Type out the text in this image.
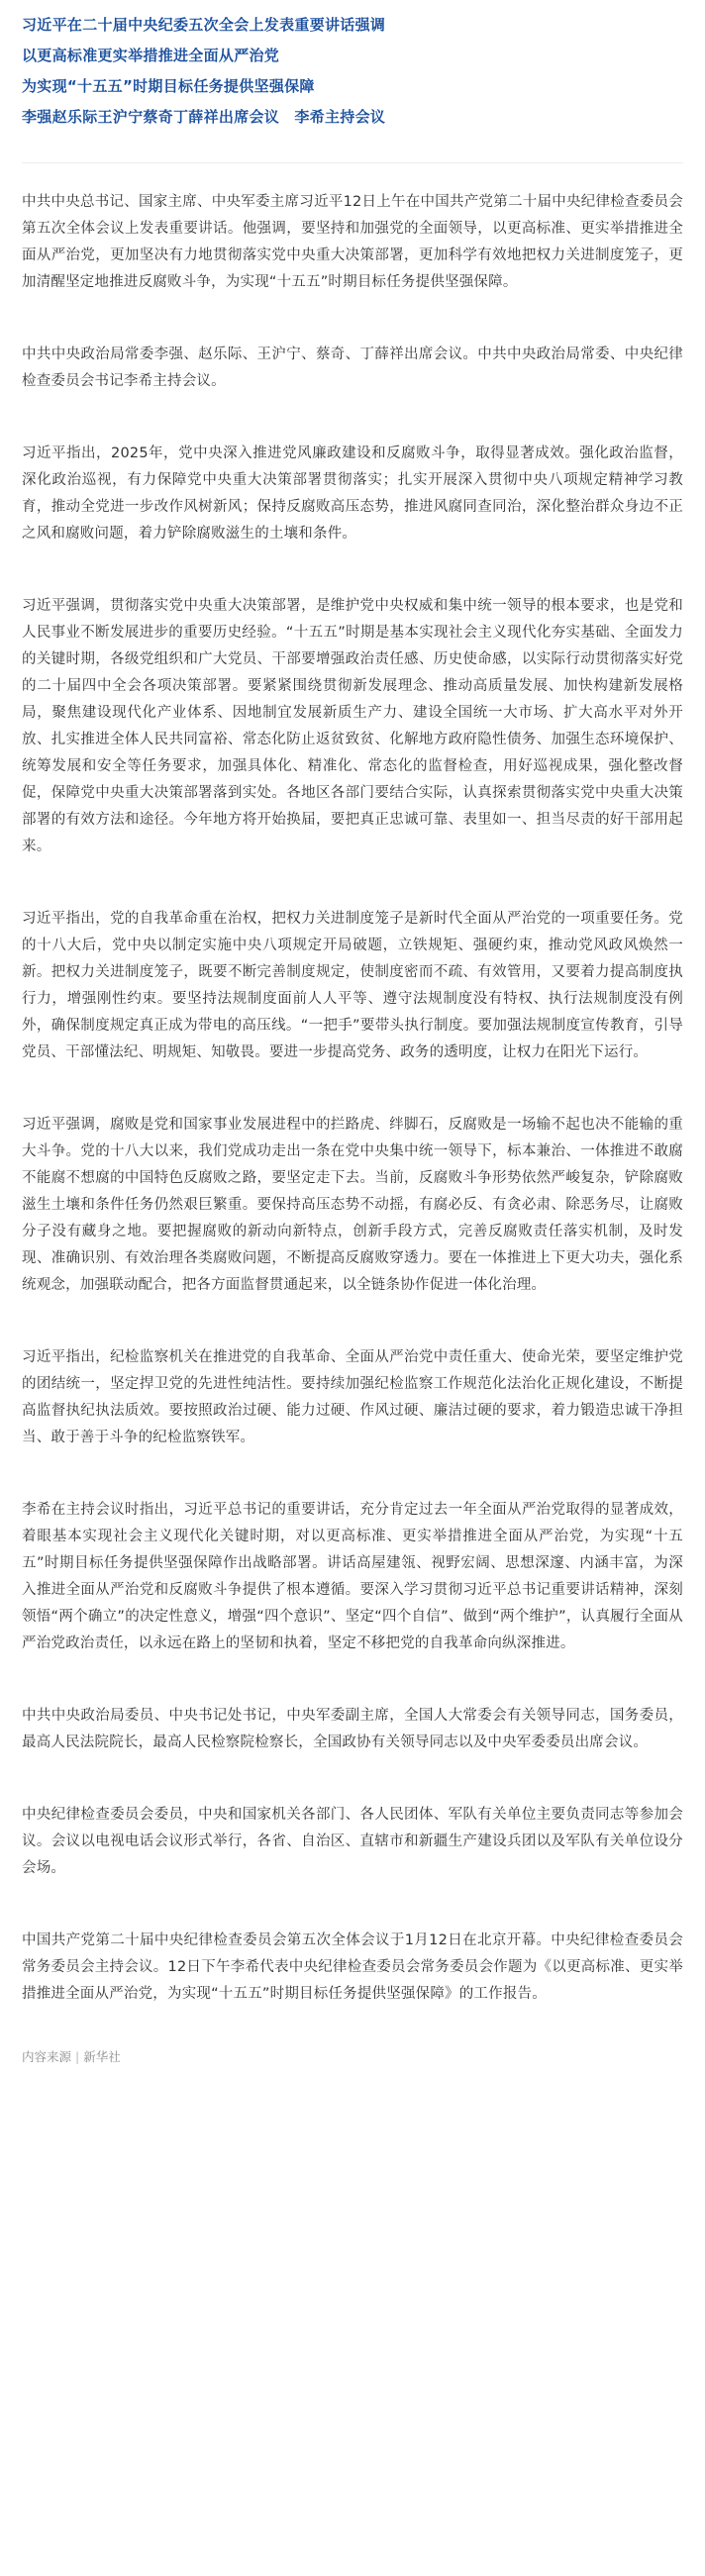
习近平在二十届中央纪委五次全会上发表重要讲话强调
以更高标准更实举措推进全面从严治党
为实现“十五五”时期目标任务提供坚强保障
李强赵乐际王沪宁蔡奇丁薛祥出席会议　李希主持会议

中共中央总书记、国家主席、中央军委主席习近平12日上午在中国共产党第二十届中央纪律检查委员会第五次全体会议上发表重要讲话。他强调，要坚持和加强党的全面领导，以更高标准、更实举措推进全面从严治党，更加坚决有力地贯彻落实党中央重大决策部署，更加科学有效地把权力关进制度笼子，更加清醒坚定地推进反腐败斗争，为实现“十五五”时期目标任务提供坚强保障。

中共中央政治局常委李强、赵乐际、王沪宁、蔡奇、丁薛祥出席会议。中共中央政治局常委、中央纪律检查委员会书记李希主持会议。

习近平指出，2025年，党中央深入推进党风廉政建设和反腐败斗争，取得显著成效。强化政治监督，深化政治巡视，有力保障党中央重大决策部署贯彻落实；扎实开展深入贯彻中央八项规定精神学习教育，推动全党进一步改作风树新风；保持反腐败高压态势，推进风腐同查同治，深化整治群众身边不正之风和腐败问题，着力铲除腐败滋生的土壤和条件。

习近平强调，贯彻落实党中央重大决策部署，是维护党中央权威和集中统一领导的根本要求，也是党和人民事业不断发展进步的重要历史经验。“十五五”时期是基本实现社会主义现代化夯实基础、全面发力的关键时期，各级党组织和广大党员、干部要增强政治责任感、历史使命感，以实际行动贯彻落实好党的二十届四中全会各项决策部署。要紧紧围绕贯彻新发展理念、推动高质量发展、加快构建新发展格局，聚焦建设现代化产业体系、因地制宜发展新质生产力、建设全国统一大市场、扩大高水平对外开放、扎实推进全体人民共同富裕、常态化防止返贫致贫、化解地方政府隐性债务、加强生态环境保护、统筹发展和安全等任务要求，加强具体化、精准化、常态化的监督检查，用好巡视成果，强化整改督促，保障党中央重大决策部署落到实处。各地区各部门要结合实际，认真探索贯彻落实党中央重大决策部署的有效方法和途径。今年地方将开始换届，要把真正忠诚可靠、表里如一、担当尽责的好干部用起来。

习近平指出，党的自我革命重在治权，把权力关进制度笼子是新时代全面从严治党的一项重要任务。党的十八大后，党中央以制定实施中央八项规定开局破题，立铁规矩、强硬约束，推动党风政风焕然一新。把权力关进制度笼子，既要不断完善制度规定，使制度密而不疏、有效管用，又要着力提高制度执行力，增强刚性约束。要坚持法规制度面前人人平等、遵守法规制度没有特权、执行法规制度没有例外，确保制度规定真正成为带电的高压线。“一把手”要带头执行制度。要加强法规制度宣传教育，引导党员、干部懂法纪、明规矩、知敬畏。要进一步提高党务、政务的透明度，让权力在阳光下运行。

习近平强调，腐败是党和国家事业发展进程中的拦路虎、绊脚石，反腐败是一场输不起也决不能输的重大斗争。党的十八大以来，我们党成功走出一条在党中央集中统一领导下，标本兼治、一体推进不敢腐不能腐不想腐的中国特色反腐败之路，要坚定走下去。当前，反腐败斗争形势依然严峻复杂，铲除腐败滋生土壤和条件任务仍然艰巨繁重。要保持高压态势不动摇，有腐必反、有贪必肃、除恶务尽，让腐败分子没有藏身之地。要把握腐败的新动向新特点，创新手段方式，完善反腐败责任落实机制，及时发现、准确识别、有效治理各类腐败问题，不断提高反腐败穿透力。要在一体推进上下更大功夫，强化系统观念，加强联动配合，把各方面监督贯通起来，以全链条协作促进一体化治理。

习近平指出，纪检监察机关在推进党的自我革命、全面从严治党中责任重大、使命光荣，要坚定维护党的团结统一，坚定捍卫党的先进性纯洁性。要持续加强纪检监察工作规范化法治化正规化建设，不断提高监督执纪执法质效。要按照政治过硬、能力过硬、作风过硬、廉洁过硬的要求，着力锻造忠诚干净担当、敢于善于斗争的纪检监察铁军。

李希在主持会议时指出，习近平总书记的重要讲话，充分肯定过去一年全面从严治党取得的显著成效，着眼基本实现社会主义现代化关键时期，对以更高标准、更实举措推进全面从严治党，为实现“十五五”时期目标任务提供坚强保障作出战略部署。讲话高屋建瓴、视野宏阔、思想深邃、内涵丰富，为深入推进全面从严治党和反腐败斗争提供了根本遵循。要深入学习贯彻习近平总书记重要讲话精神，深刻领悟“两个确立”的决定性意义，增强“四个意识”、坚定“四个自信”、做到“两个维护”，认真履行全面从严治党政治责任，以永远在路上的坚韧和执着，坚定不移把党的自我革命向纵深推进。

中共中央政治局委员、中央书记处书记，中央军委副主席，全国人大常委会有关领导同志，国务委员，最高人民法院院长，最高人民检察院检察长，全国政协有关领导同志以及中央军委委员出席会议。

中央纪律检查委员会委员，中央和国家机关各部门、各人民团体、军队有关单位主要负责同志等参加会议。会议以电视电话会议形式举行，各省、自治区、直辖市和新疆生产建设兵团以及军队有关单位设分会场。

中国共产党第二十届中央纪律检查委员会第五次全体会议于1月12日在北京开幕。中央纪律检查委员会常务委员会主持会议。12日下午李希代表中央纪律检查委员会常务委员会作题为《以更高标准、更实举措推进全面从严治党，为实现“十五五”时期目标任务提供坚强保障》的工作报告。

内容来源 | 新华社
